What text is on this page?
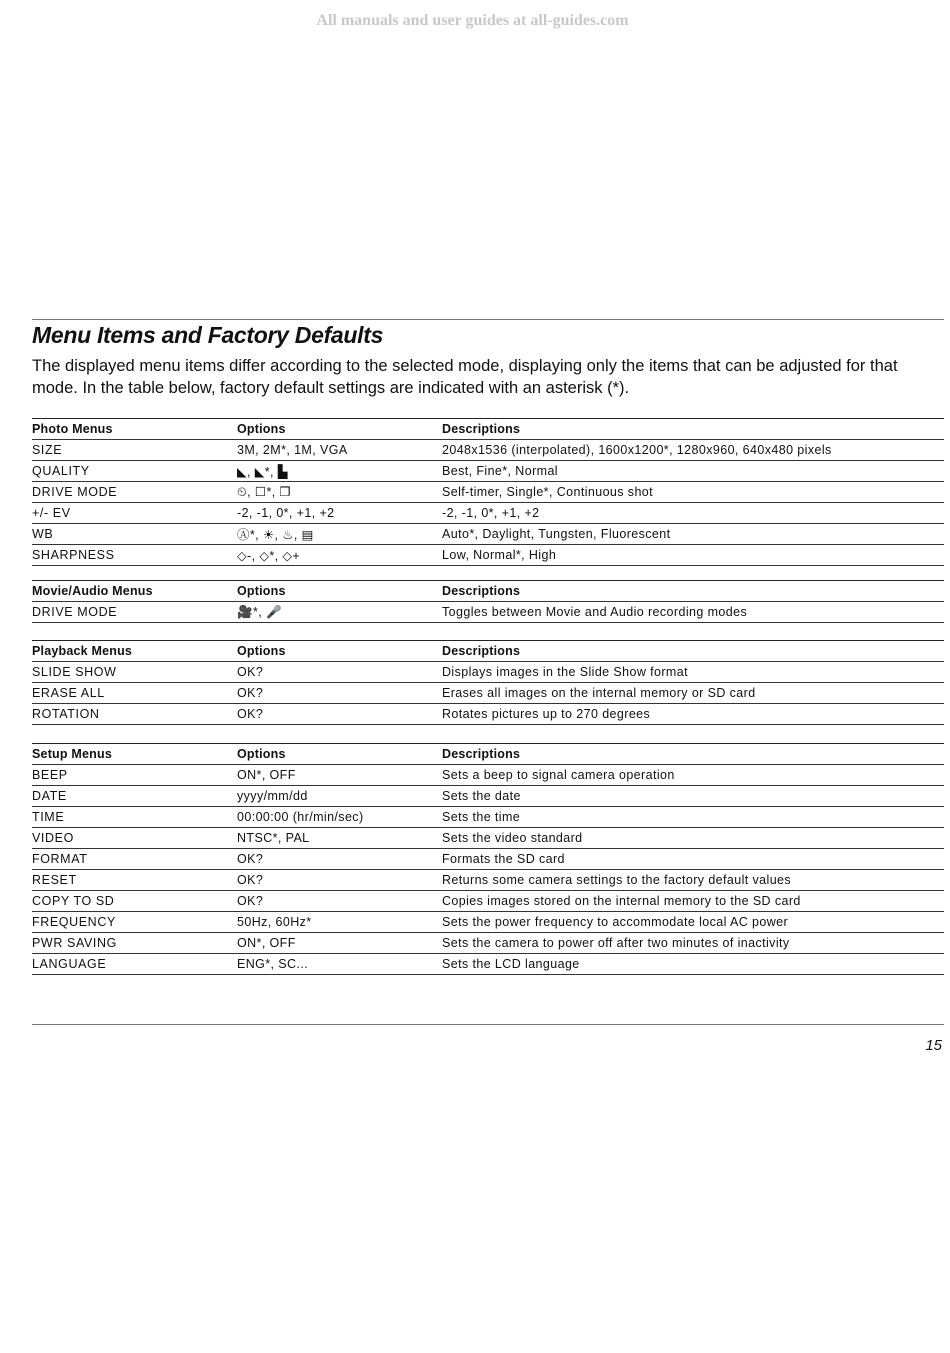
All manuals and user guides at all-guides.com
Menu Items and Factory Defaults

The displayed menu items differ according to the selected mode, displaying only the items that can be adjusted for that mode. In the table below, factory default settings are indicated with an asterisk (*).

Photo Menus	Options	Descriptions
SIZE	3M, 2M*, 1M, VGA	2048x1536 (interpolated), 1600x1200*, 1280x960, 640x480 pixels
QUALITY	◣, ◣*, ▙	Best, Fine*, Normal
DRIVE MODE	⏲, ☐*, ❐	Self-timer, Single*, Continuous shot
+/- EV	-2, -1, 0*, +1, +2	-2, -1, 0*, +1, +2
WB	Ⓐ*, ☀, ♨, ▤	Auto*, Daylight, Tungsten, Fluorescent
SHARPNESS	◇-, ◇*, ◇+	Low, Normal*, High
Movie/Audio Menus	Options	Descriptions
DRIVE MODE	🎥*, 🎤	Toggles between Movie and Audio recording modes
Playback Menus	Options	Descriptions
SLIDE SHOW	OK?	Displays images in the Slide Show format
ERASE ALL	OK?	Erases all images on the internal memory or SD card
ROTATION	OK?	Rotates pictures up to 270 degrees
Setup Menus	Options	Descriptions
BEEP	ON*, OFF	Sets a beep to signal camera operation
DATE	yyyy/mm/dd	Sets the date
TIME	00:00:00 (hr/min/sec)	Sets the time
VIDEO	NTSC*, PAL	Sets the video standard
FORMAT	OK?	Formats the SD card
RESET	OK?	Returns some camera settings to the factory default values
COPY TO SD	OK?	Copies images stored on the internal memory to the SD card
FREQUENCY	50Hz, 60Hz*	Sets the power frequency to accommodate local AC power
PWR SAVING	ON*, OFF	Sets the camera to power off after two minutes of inactivity
LANGUAGE	ENG*, SC...	Sets the LCD language
15
